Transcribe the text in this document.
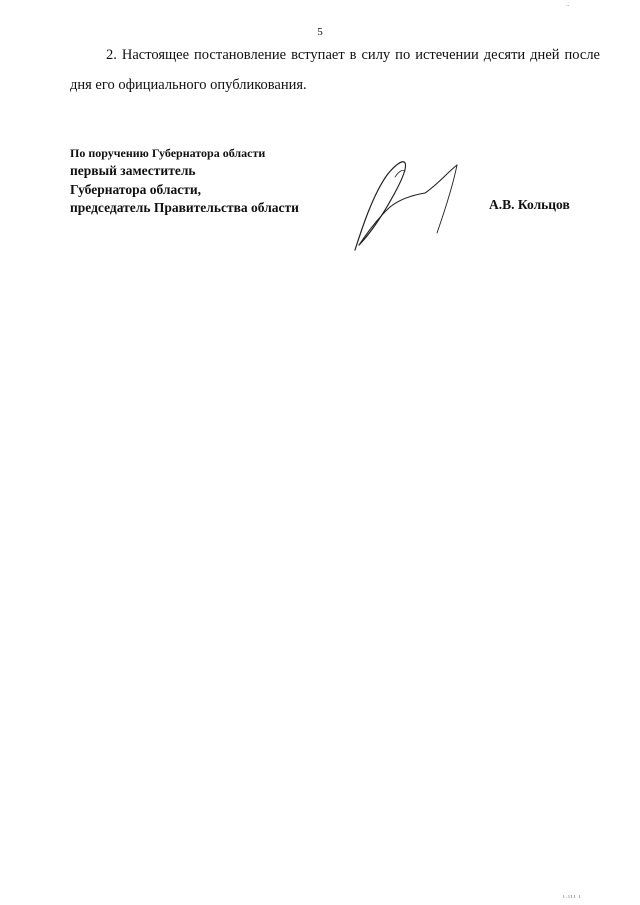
..
5

2. Настоящее постановление вступает в силу по истечении десяти дней после дня его официального опубликования.

По поручению Губернатора области
первый заместитель
Губернатора области,
председатель Правительства области	А.В. Кольцов
ı.ııı ı
